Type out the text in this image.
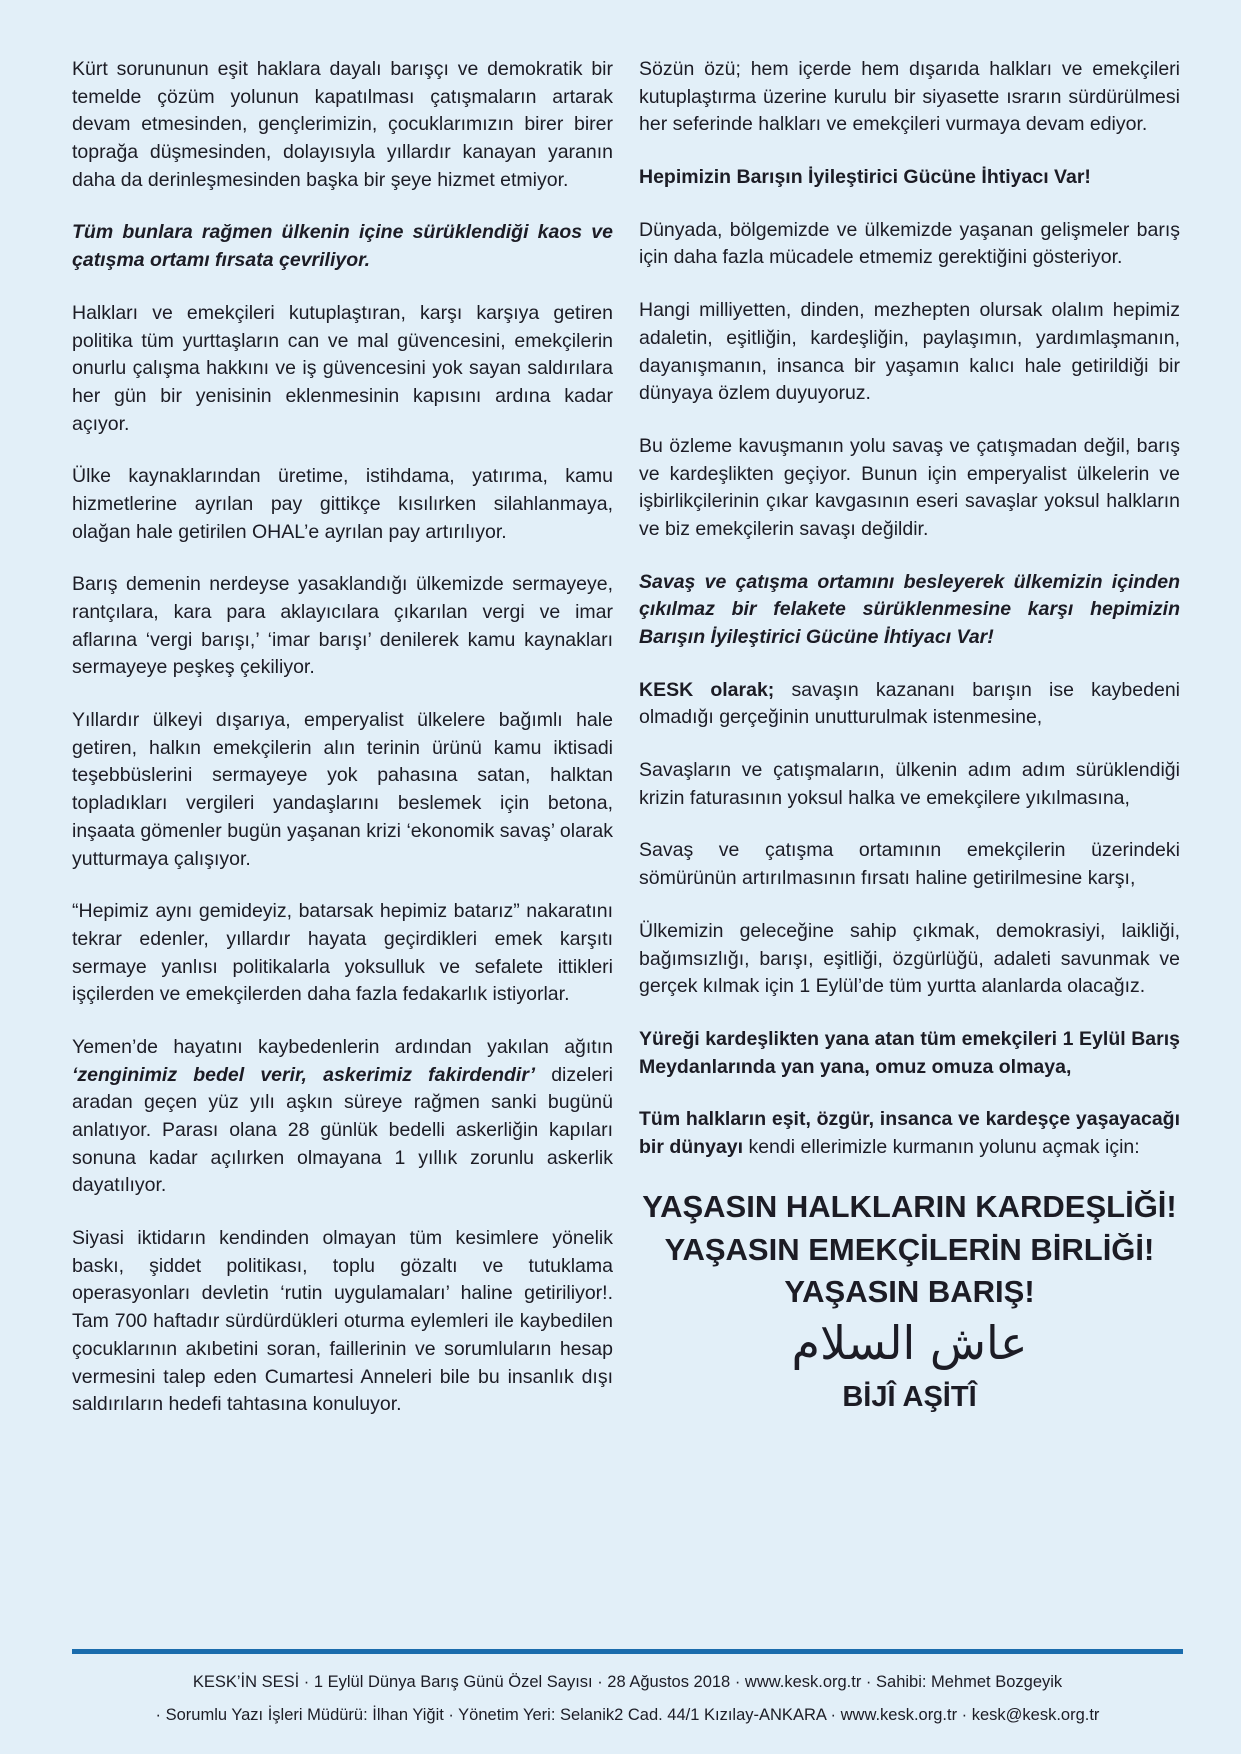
Kürt sorununun eşit haklara dayalı barışçı ve demokratik bir temelde çözüm yolunun kapatılması çatışmaların artarak devam etmesinden, gençlerimizin, çocuklarımızın birer birer toprağa düşmesinden, dolayısıyla yıllardır kanayan yaranın daha da derinleşmesinden başka bir şeye hizmet etmiyor.

Tüm bunlara rağmen ülkenin içine sürüklendiği kaos ve çatışma ortamı fırsata çevriliyor.

Halkları ve emekçileri kutuplaştıran, karşı karşıya getiren politika tüm yurttaşların can ve mal güvencesini, emekçilerin onurlu çalışma hakkını ve iş güvencesini yok sayan saldırılara her gün bir yenisinin eklenmesinin kapısını ardına kadar açıyor.

Ülke kaynaklarından üretime, istihdama, yatırıma, kamu hizmetlerine ayrılan pay gittikçe kısılırken silahlanmaya, olağan hale getirilen OHAL’e ayrılan pay artırılıyor.

Barış demenin nerdeyse yasaklandığı ülkemizde sermayeye, rantçılara, kara para aklayıcılara çıkarılan vergi ve imar aflarına ‘vergi barışı,’ ‘imar barışı’ denilerek kamu kaynakları sermayeye peşkeş çekiliyor.

Yıllardır ülkeyi dışarıya, emperyalist ülkelere bağımlı hale getiren, halkın emekçilerin alın terinin ürünü kamu iktisadi teşebbüslerini sermayeye yok pahasına satan, halktan topladıkları vergileri yandaşlarını beslemek için betona, inşaata gömenler bugün yaşanan krizi ‘ekonomik savaş’ olarak yutturmaya çalışıyor.

“Hepimiz aynı gemideyiz, batarsak hepimiz batarız” nakaratını tekrar edenler, yıllardır hayata geçirdikleri emek karşıtı sermaye yanlısı politikalarla yoksulluk ve sefalete ittikleri işçilerden ve emekçilerden daha fazla fedakarlık istiyorlar.

Yemen’de hayatını kaybedenlerin ardından yakılan ağıtın ‘zenginimiz bedel verir, askerimiz fakirdendir’ dizeleri aradan geçen yüz yılı aşkın süreye rağmen sanki bugünü anlatıyor. Parası olana 28 günlük bedelli askerliğin kapıları sonuna kadar açılırken olmayana 1 yıllık zorunlu askerlik dayatılıyor.

Siyasi iktidarın kendinden olmayan tüm kesimlere yönelik baskı, şiddet politikası, toplu gözaltı ve tutuklama operasyonları devletin ‘rutin uygulamaları’ haline getiriliyor!. Tam 700 haftadır sürdürdükleri oturma eylemleri ile kaybedilen çocuklarının akıbetini soran, faillerinin ve sorumluların hesap vermesini talep eden Cumartesi Anneleri bile bu insanlık dışı saldırıların hedefi tahtasına konuluyor.

Sözün özü; hem içerde hem dışarıda halkları ve emekçileri kutuplaştırma üzerine kurulu bir siyasette ısrarın sürdürülmesi her seferinde halkları ve emekçileri vurmaya devam ediyor.

Hepimizin Barışın İyileştirici Gücüne İhtiyacı Var!

Dünyada, bölgemizde ve ülkemizde yaşanan gelişmeler barış için daha fazla mücadele etmemiz gerektiğini gösteriyor.

Hangi milliyetten, dinden, mezhepten olursak olalım hepimiz adaletin, eşitliğin, kardeşliğin, paylaşımın, yardımlaşmanın, dayanışmanın, insanca bir yaşamın kalıcı hale getirildiği bir dünyaya özlem duyuyoruz.

Bu özleme kavuşmanın yolu savaş ve çatışmadan değil, barış ve kardeşlikten geçiyor. Bunun için emperyalist ülkelerin ve işbirlikçilerinin çıkar kavgasının eseri savaşlar yoksul halkların ve biz emekçilerin savaşı değildir.

Savaş ve çatışma ortamını besleyerek ülkemizin içinden çıkılmaz bir felakete sürüklenmesine karşı hepimizin Barışın İyileştirici Gücüne İhtiyacı Var!

KESK olarak; savaşın kazananı barışın ise kaybedeni olmadığı gerçeğinin unutturulmak istenmesine,

Savaşların ve çatışmaların, ülkenin adım adım sürüklendiği krizin faturasının yoksul halka ve emekçilere yıkılmasına,

Savaş ve çatışma ortamının emekçilerin üzerindeki sömürünün artırılmasının fırsatı haline getirilmesine karşı,

Ülkemizin geleceğine sahip çıkmak, demokrasiyi, laikliği, bağımsızlığı, barışı, eşitliği, özgürlüğü, adaleti savunmak ve gerçek kılmak için 1 Eylül’de tüm yurtta alanlarda olacağız.

Yüreği kardeşlikten yana atan tüm emekçileri 1 Eylül Barış Meydanlarında yan yana, omuz omuza olmaya,

Tüm halkların eşit, özgür, insanca ve kardeşçe yaşayacağı bir dünyayı kendi ellerimizle kurmanın yolunu açmak için:

YAŞASIN HALKLARIN KARDEŞLİĞİ!
YAŞASIN EMEKÇİLERİN BİRLİĞİ!
YAŞASIN BARIŞ!
عاش السلام
BİJÎ AŞİTÎ
KESK’İN SESİ · 1 Eylül Dünya Barış Günü Özel Sayısı · 28 Ağustos 2018 · www.kesk.org.tr · Sahibi: Mehmet Bozgeyik
· Sorumlu Yazı İşleri Müdürü: İlhan Yiğit · Yönetim Yeri: Selanik2 Cad. 44/1 Kızılay-ANKARA · www.kesk.org.tr · kesk@kesk.org.tr
